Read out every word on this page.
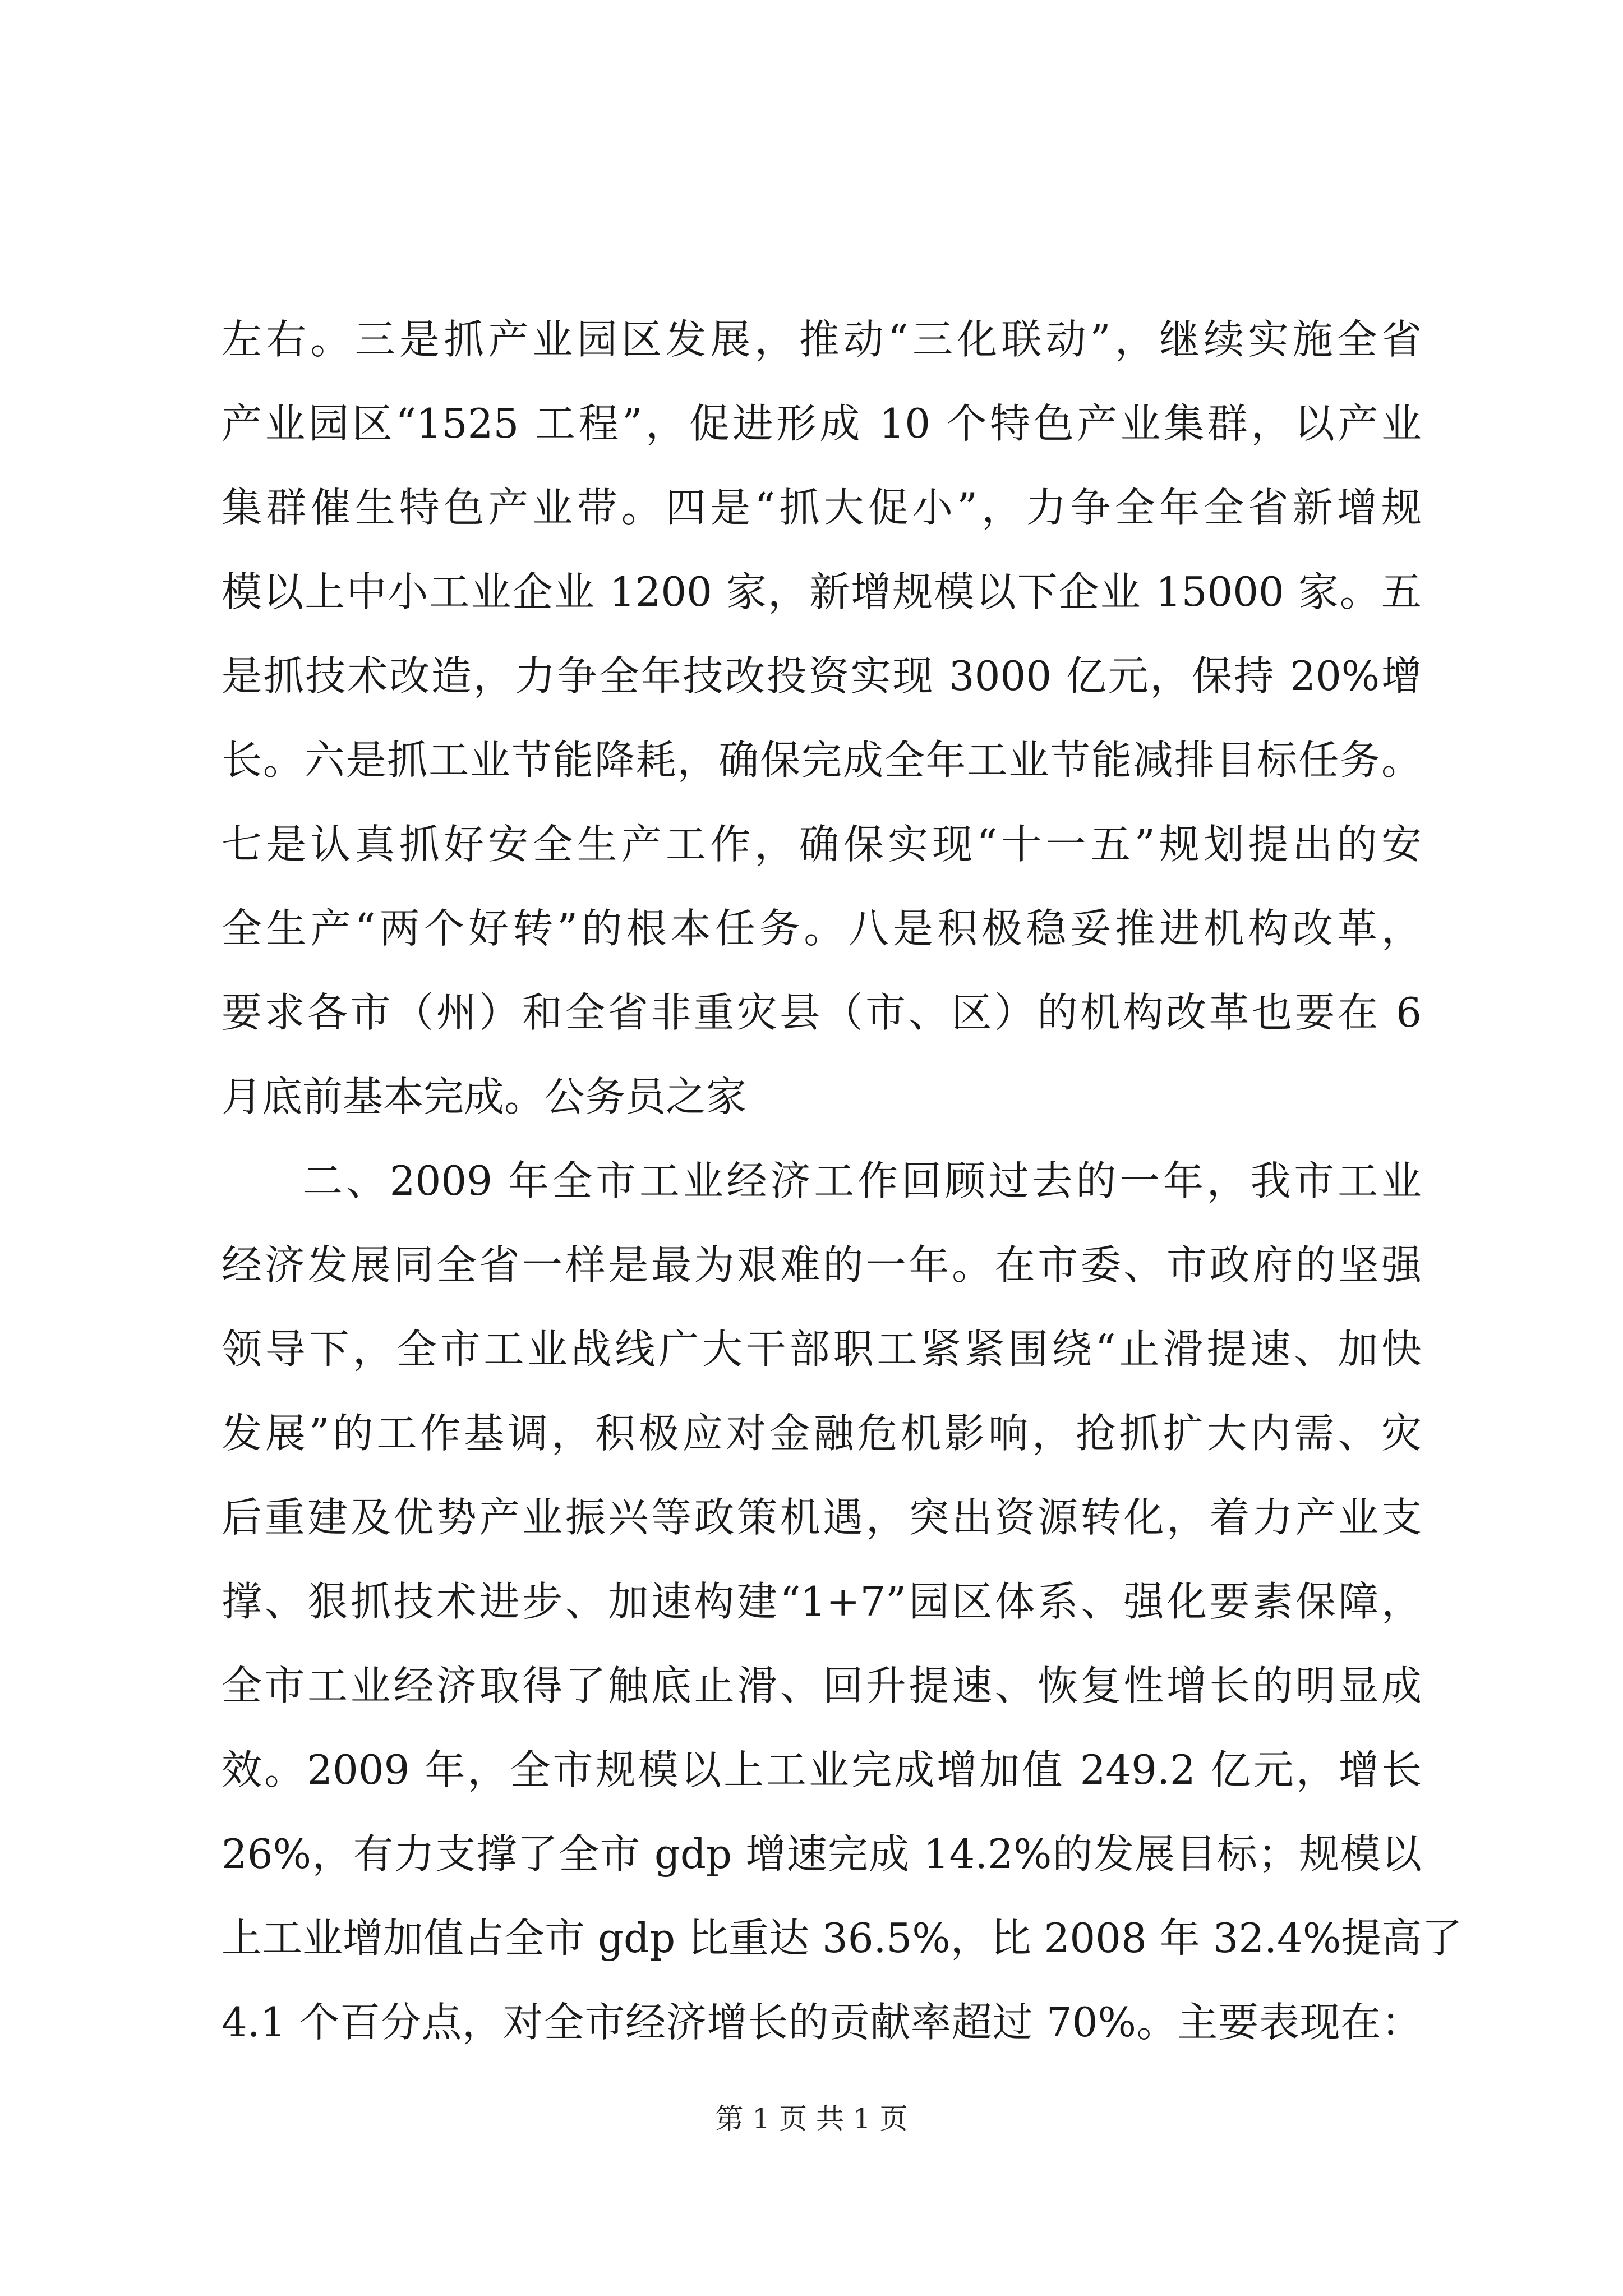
左右。三是抓产业园区发展，推动“三化联动”，继续实施全省
产业园区“1525 工程”，促进形成 10 个特色产业集群，以产业
集群催生特色产业带。四是“抓大促小”，力争全年全省新增规
模以上中小工业企业 1200 家，新增规模以下企业 15000 家。五
是抓技术改造，力争全年技改投资实现 3000 亿元，保持 20%增
长。六是抓工业节能降耗，确保完成全年工业节能减排目标任务。
七是认真抓好安全生产工作，确保实现“十一五”规划提出的安
全生产“两个好转”的根本任务。八是积极稳妥推进机构改革，
要求各市（州）和全省非重灾县（市、区）的机构改革也要在 6
月底前基本完成。公务员之家
二、2009 年全市工业经济工作回顾过去的一年，我市工业
经济发展同全省一样是最为艰难的一年。在市委、市政府的坚强
领导下，全市工业战线广大干部职工紧紧围绕“止滑提速、加快
发展”的工作基调，积极应对金融危机影响，抢抓扩大内需、灾
后重建及优势产业振兴等政策机遇，突出资源转化，着力产业支
撑、狠抓技术进步、加速构建“1+7”园区体系、强化要素保障，
全市工业经济取得了触底止滑、回升提速、恢复性增长的明显成
效。2009 年，全市规模以上工业完成增加值 249.2 亿元，增长
26%，有力支撑了全市 gdp 增速完成 14.2%的发展目标；规模以
上工业增加值占全市 gdp 比重达 36.5%，比 2008 年 32.4%提高了
4.1 个百分点，对全市经济增长的贡献率超过 70%。主要表现在：
第 1 页 共 1 页
